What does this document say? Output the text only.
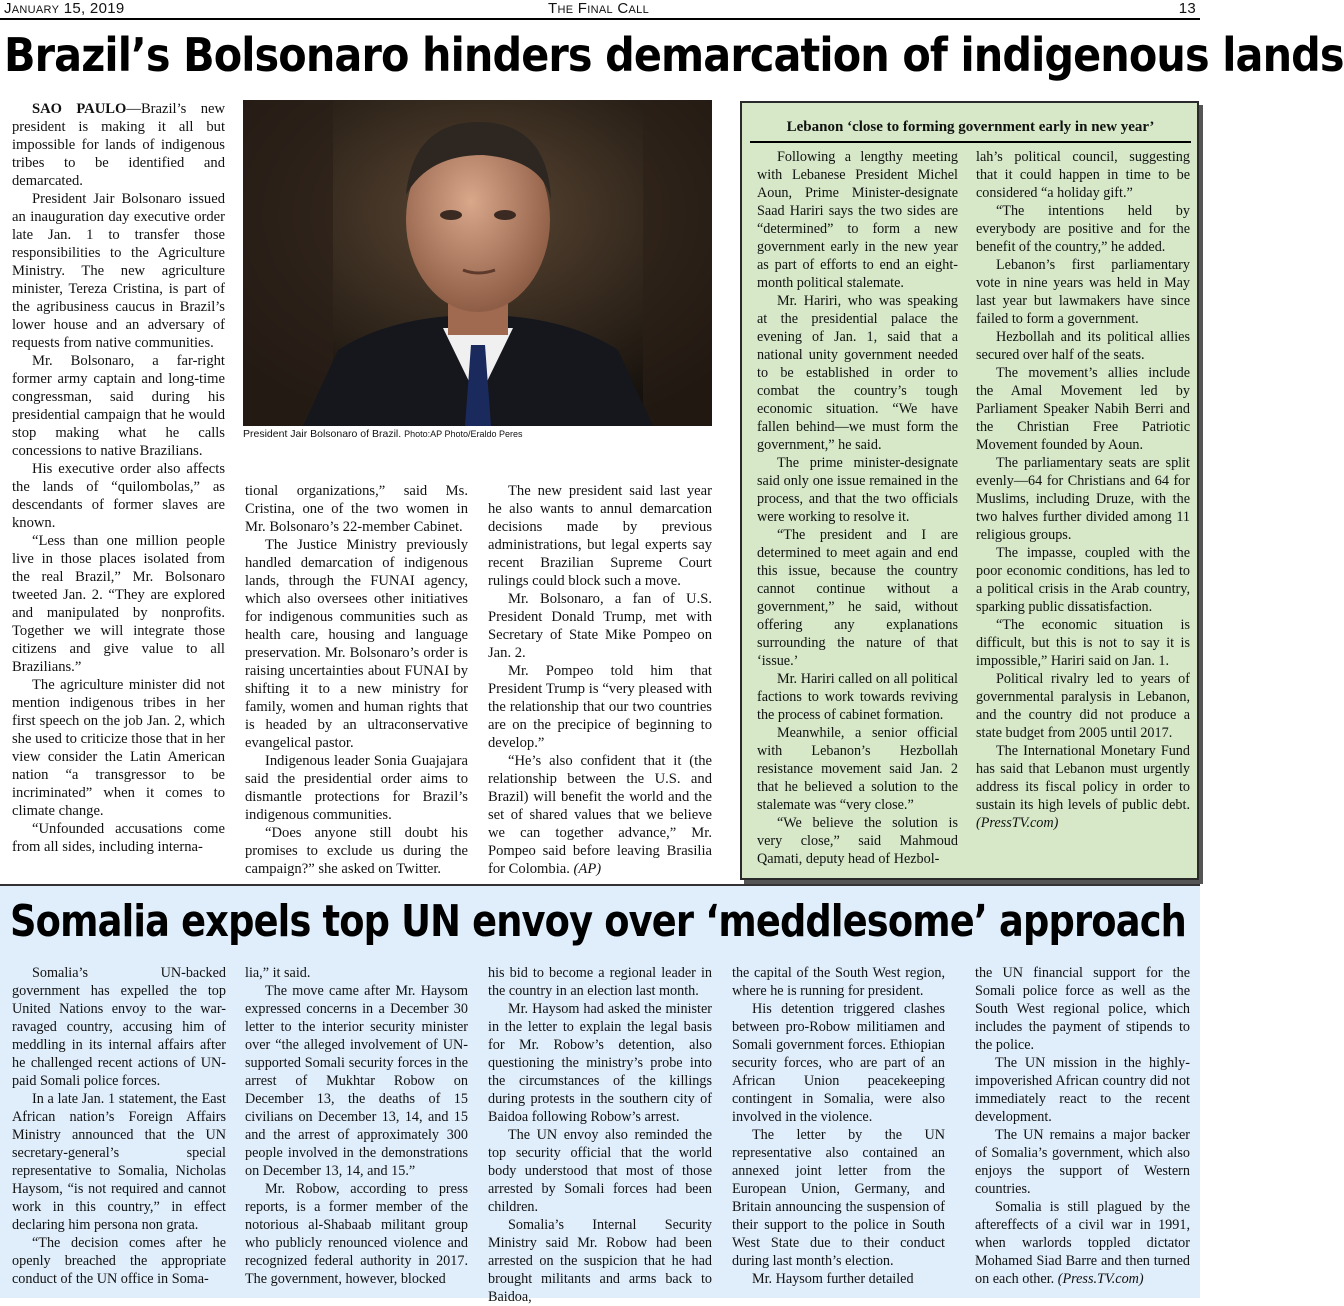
January 15, 2019	The Final Call	13
Brazil’s Bolsonaro hinders demarcation of indigenous lands

SAO PAULO—Brazil’s new president is making it all but impossible for lands of indigenous tribes to be identified and demarcated.

President Jair Bolsonaro issued an inauguration day executive order late Jan. 1 to transfer those responsibilities to the Agriculture Ministry. The new agriculture minister, Tereza Cristina, is part of the agribusiness caucus in Brazil’s lower house and an adversary of requests from native communities.

Mr. Bolsonaro, a far-right former army captain and long-time congressman, said during his presidential campaign that he would stop making what he calls concessions to native Brazilians.

His executive order also affects the lands of “quilombolas,” as descendants of former slaves are known.

“Less than one million people live in those places isolated from the real Brazil,” Mr. Bolsonaro tweeted Jan. 2. “They are explored and manipulated by nonprofits. Together we will integrate those citizens and give value to all Brazilians.”

The agriculture minister did not mention indigenous tribes in her first speech on the job Jan. 2, which she used to criticize those that in her view consider the Latin American nation “a transgressor to be incriminated” when it comes to climate change.

“Unfounded accusations come from all sides, including interna-

President Jair Bolsonaro of Brazil. Photo:AP Photo/Eraldo Peres

tional organizations,” said Ms. Cristina, one of the two women in Mr. Bolsonaro’s 22-member Cabinet.

The Justice Ministry previously handled demarcation of indigenous lands, through the FUNAI agency, which also oversees other initiatives for indigenous communities such as health care, housing and language preservation. Mr. Bolsonaro’s order is raising uncertainties about FUNAI by shifting it to a new ministry for family, women and human rights that is headed by an ultraconservative evangelical pastor.

Indigenous leader Sonia Guajajara said the presidential order aims to dismantle protections for Brazil’s indigenous communities.

“Does anyone still doubt his promises to exclude us during the campaign?” she asked on Twitter.

The new president said last year he also wants to annul demarcation decisions made by previous administrations, but legal experts say recent Brazilian Supreme Court rulings could block such a move.

Mr. Bolsonaro, a fan of U.S. President Donald Trump, met with Secretary of State Mike Pompeo on Jan. 2.

Mr. Pompeo told him that President Trump is “very pleased with the relationship that our two countries are on the precipice of beginning to develop.”

“He’s also confident that it (the relationship between the U.S. and Brazil) will benefit the world and the set of shared values that we believe we can together advance,” Mr. Pompeo said before leaving Brasilia for Colombia. (AP)

Lebanon ‘close to forming government early in new year’

Following a lengthy meeting with Lebanese President Michel Aoun, Prime Minister-designate Saad Hariri says the two sides are “determined” to form a new government early in the new year as part of efforts to end an eight-month political stalemate.

Mr. Hariri, who was speaking at the presidential palace the evening of Jan. 1, said that a national unity government needed to be established in order to combat the country’s tough economic situation. “We have fallen behind—we must form the government,” he said.

The prime minister-designate said only one issue remained in the process, and that the two officials were working to resolve it.

“The president and I are determined to meet again and end this issue, because the country cannot continue without a government,” he said, without offering any explanations surrounding the nature of that ‘issue.’

Mr. Hariri called on all political factions to work towards reviving the process of cabinet formation.

Meanwhile, a senior official with Lebanon’s Hezbollah resistance movement said Jan. 2 that he believed a solution to the stalemate was “very close.”

“We believe the solution is very close,” said Mahmoud Qamati, deputy head of Hezbol-

lah’s political council, suggesting that it could happen in time to be considered “a holiday gift.”

“The intentions held by everybody are positive and for the benefit of the country,” he added.

Lebanon’s first parliamentary vote in nine years was held in May last year but lawmakers have since failed to form a government.

Hezbollah and its political allies secured over half of the seats.

The movement’s allies include the Amal Movement led by Parliament Speaker Nabih Berri and the Christian Free Patriotic Movement founded by Aoun.

The parliamentary seats are split evenly—64 for Christians and 64 for Muslims, including Druze, with the two halves further divided among 11 religious groups.

The impasse, coupled with the poor economic conditions, has led to a political crisis in the Arab country, sparking public dissatisfaction.

“The economic situation is difficult, but this is not to say it is impossible,” Hariri said on Jan. 1.

Political rivalry led to years of governmental paralysis in Lebanon, and the country did not produce a state budget from 2005 until 2017.

The International Monetary Fund has said that Lebanon must urgently address its fiscal policy in order to sustain its high levels of public debt. (PressTV.com)

Somalia’s UN-backed government has expelled the top United Nations envoy to the war-ravaged country, accusing him of meddling in its internal affairs after he challenged recent actions of UN-paid Somali police forces.

In a late Jan. 1 statement, the East African nation’s Foreign Affairs Ministry announced that the UN secretary-general’s special representative to Somalia, Nicholas Haysom, “is not required and cannot work in this country,” in effect declaring him persona non grata.

“The decision comes after he openly breached the appropriate conduct of the UN office in Soma-

lia,” it said.

The move came after Mr. Haysom expressed concerns in a December 30 letter to the interior security minister over “the alleged involvement of UN-supported Somali security forces in the arrest of Mukhtar Robow on December 13, the deaths of 15 civilians on December 13, 14, and 15 and the arrest of approximately 300 people involved in the demonstrations on December 13, 14, and 15.”

Mr. Robow, according to press reports, is a former member of the notorious al-Shabaab militant group who publicly renounced violence and recognized federal authority in 2017. The government, however, blocked

his bid to become a regional leader in the country in an election last month.

Mr. Haysom had asked the minister in the letter to explain the legal basis for Mr. Robow’s detention, also questioning the ministry’s probe into the circumstances of the killings during protests in the southern city of Baidoa following Robow’s arrest.

The UN envoy also reminded the top security official that the world body understood that most of those arrested by Somali forces had been children.

Somalia’s Internal Security Ministry said Mr. Robow had been arrested on the suspicion that he had brought militants and arms back to Baidoa,

the capital of the South West region, where he is running for president.

His detention triggered clashes between pro-Robow militiamen and Somali government forces. Ethiopian security forces, who are part of an African Union peacekeeping contingent in Somalia, were also involved in the violence.

The letter by the UN representative also contained an annexed joint letter from the European Union, Germany, and Britain announcing the suspension of their support to the police in South West State due to their conduct during last month’s election.

Mr. Haysom further detailed

the UN financial support for the Somali police force as well as the South West regional police, which includes the payment of stipends to the police.

The UN mission in the highly-impoverished African country did not immediately react to the recent development.

The UN remains a major backer of Somalia’s government, which also enjoys the support of Western countries.

Somalia is still plagued by the aftereffects of a civil war in 1991, when warlords toppled dictator Mohamed Siad Barre and then turned on each other. (Press.TV.com)

Somalia expels top UN envoy over ‘meddlesome’ approach
